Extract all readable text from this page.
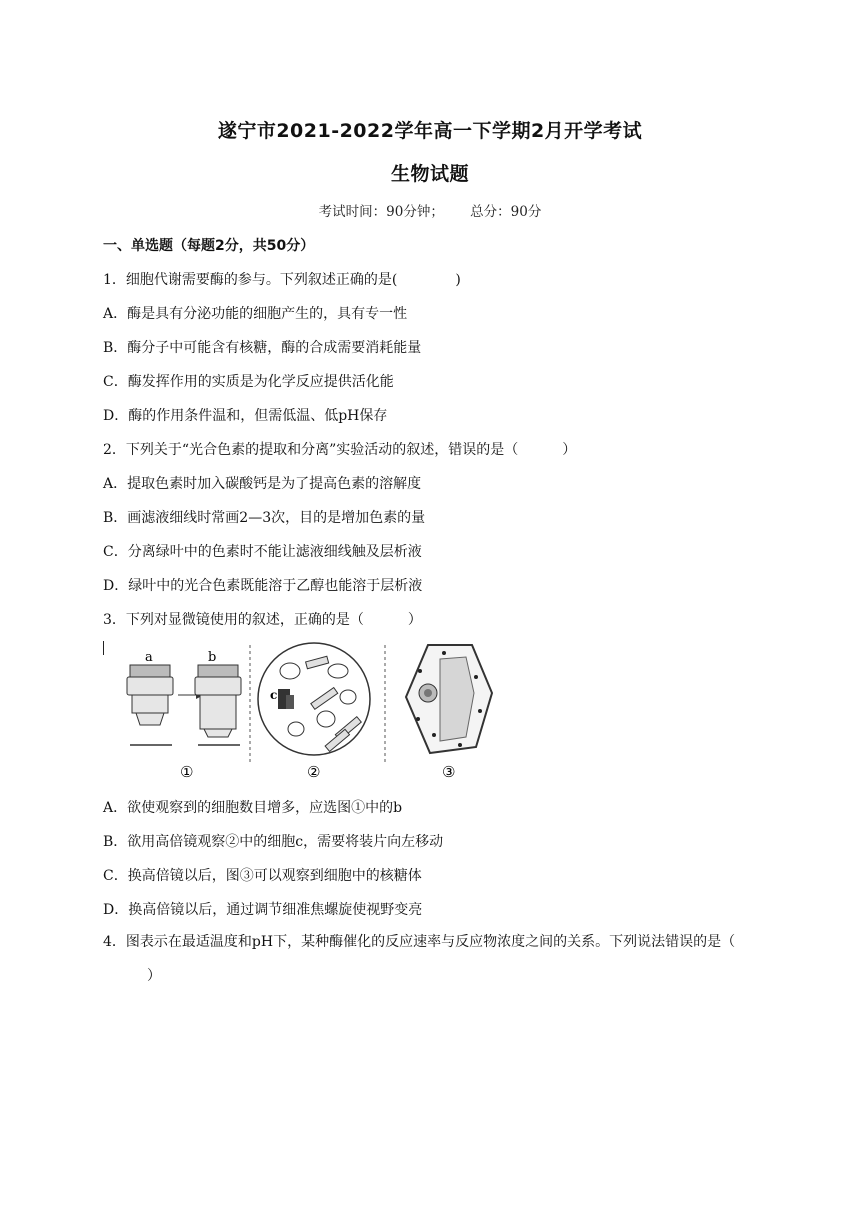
遂宁市2021-2022学年高一下学期2月开学考试
生物试题
考试时间：90分钟； 总分：90分
一、单选题（每题2分，共50分）

1．细胞代谢需要酶的参与。下列叙述正确的是(	)

A．酶是具有分泌功能的细胞产生的，具有专一性

B．酶分子中可能含有核糖，酶的合成需要消耗能量

C．酶发挥作用的实质是为化学反应提供活化能

D．酶的作用条件温和，但需低温、低pH保存

2．下列关于“光合色素的提取和分离”实验活动的叙述，错误的是（	）

A．提取色素时加入碳酸钙是为了提高色素的溶解度

B．画滤液细线时常画2—3次，目的是增加色素的量

C．分离绿叶中的色素时不能让滤液细线触及层析液

D．绿叶中的光合色素既能溶于乙醇也能溶于层析液

3．下列对显微镜使用的叙述，正确的是（	）

a	b
①
c
②	③

A．欲使观察到的细胞数目增多，应选图①中的b

B．欲用高倍镜观察②中的细胞c，需要将装片向左移动

C．换高倍镜以后，图③可以观察到细胞中的核糖体

D．换高倍镜以后，通过调节细准焦螺旋使视野变亮

4．图表示在最适温度和pH下，某种酶催化的反应速率与反应物浓度之间的关系。下列说法错误的是（）
